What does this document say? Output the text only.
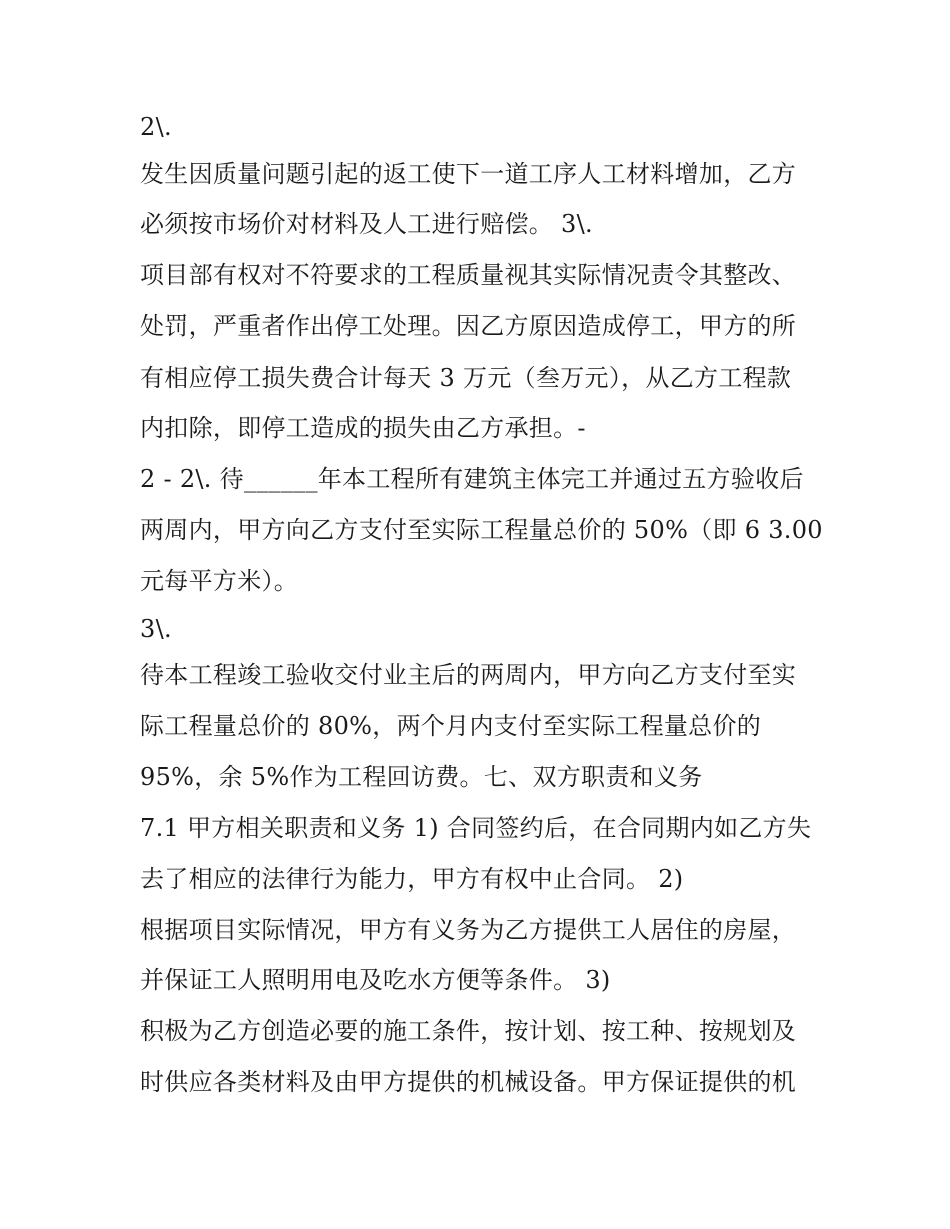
2\.
发生因质量问题引起的返工使下一道工序人工材料增加，乙方
必须按市场价对材料及人工进行赔偿。 3\.
项目部有权对不符要求的工程质量视其实际情况责令其整改、
处罚，严重者作出停工处理。因乙方原因造成停工，甲方的所
有相应停工损失费合计每天 3 万元（叁万元），从乙方工程款
内扣除，即停工造成的损失由乙方承担。-
2 - 2\. 待______年本工程所有建筑主体完工并通过五方验收后
两周内，甲方向乙方支付至实际工程量总价的 50%（即 6 3.00
元每平方米）。
3\.
待本工程竣工验收交付业主后的两周内，甲方向乙方支付至实
际工程量总价的 80%，两个月内支付至实际工程量总价的
95%，余 5%作为工程回访费。七、双方职责和义务
7.1 甲方相关职责和义务 1) 合同签约后，在合同期内如乙方失
去了相应的法律行为能力，甲方有权中止合同。 2)
根据项目实际情况，甲方有义务为乙方提供工人居住的房屋，
并保证工人照明用电及吃水方便等条件。 3)
积极为乙方创造必要的施工条件，按计划、按工种、按规划及
时供应各类材料及由甲方提供的机械设备。甲方保证提供的机
